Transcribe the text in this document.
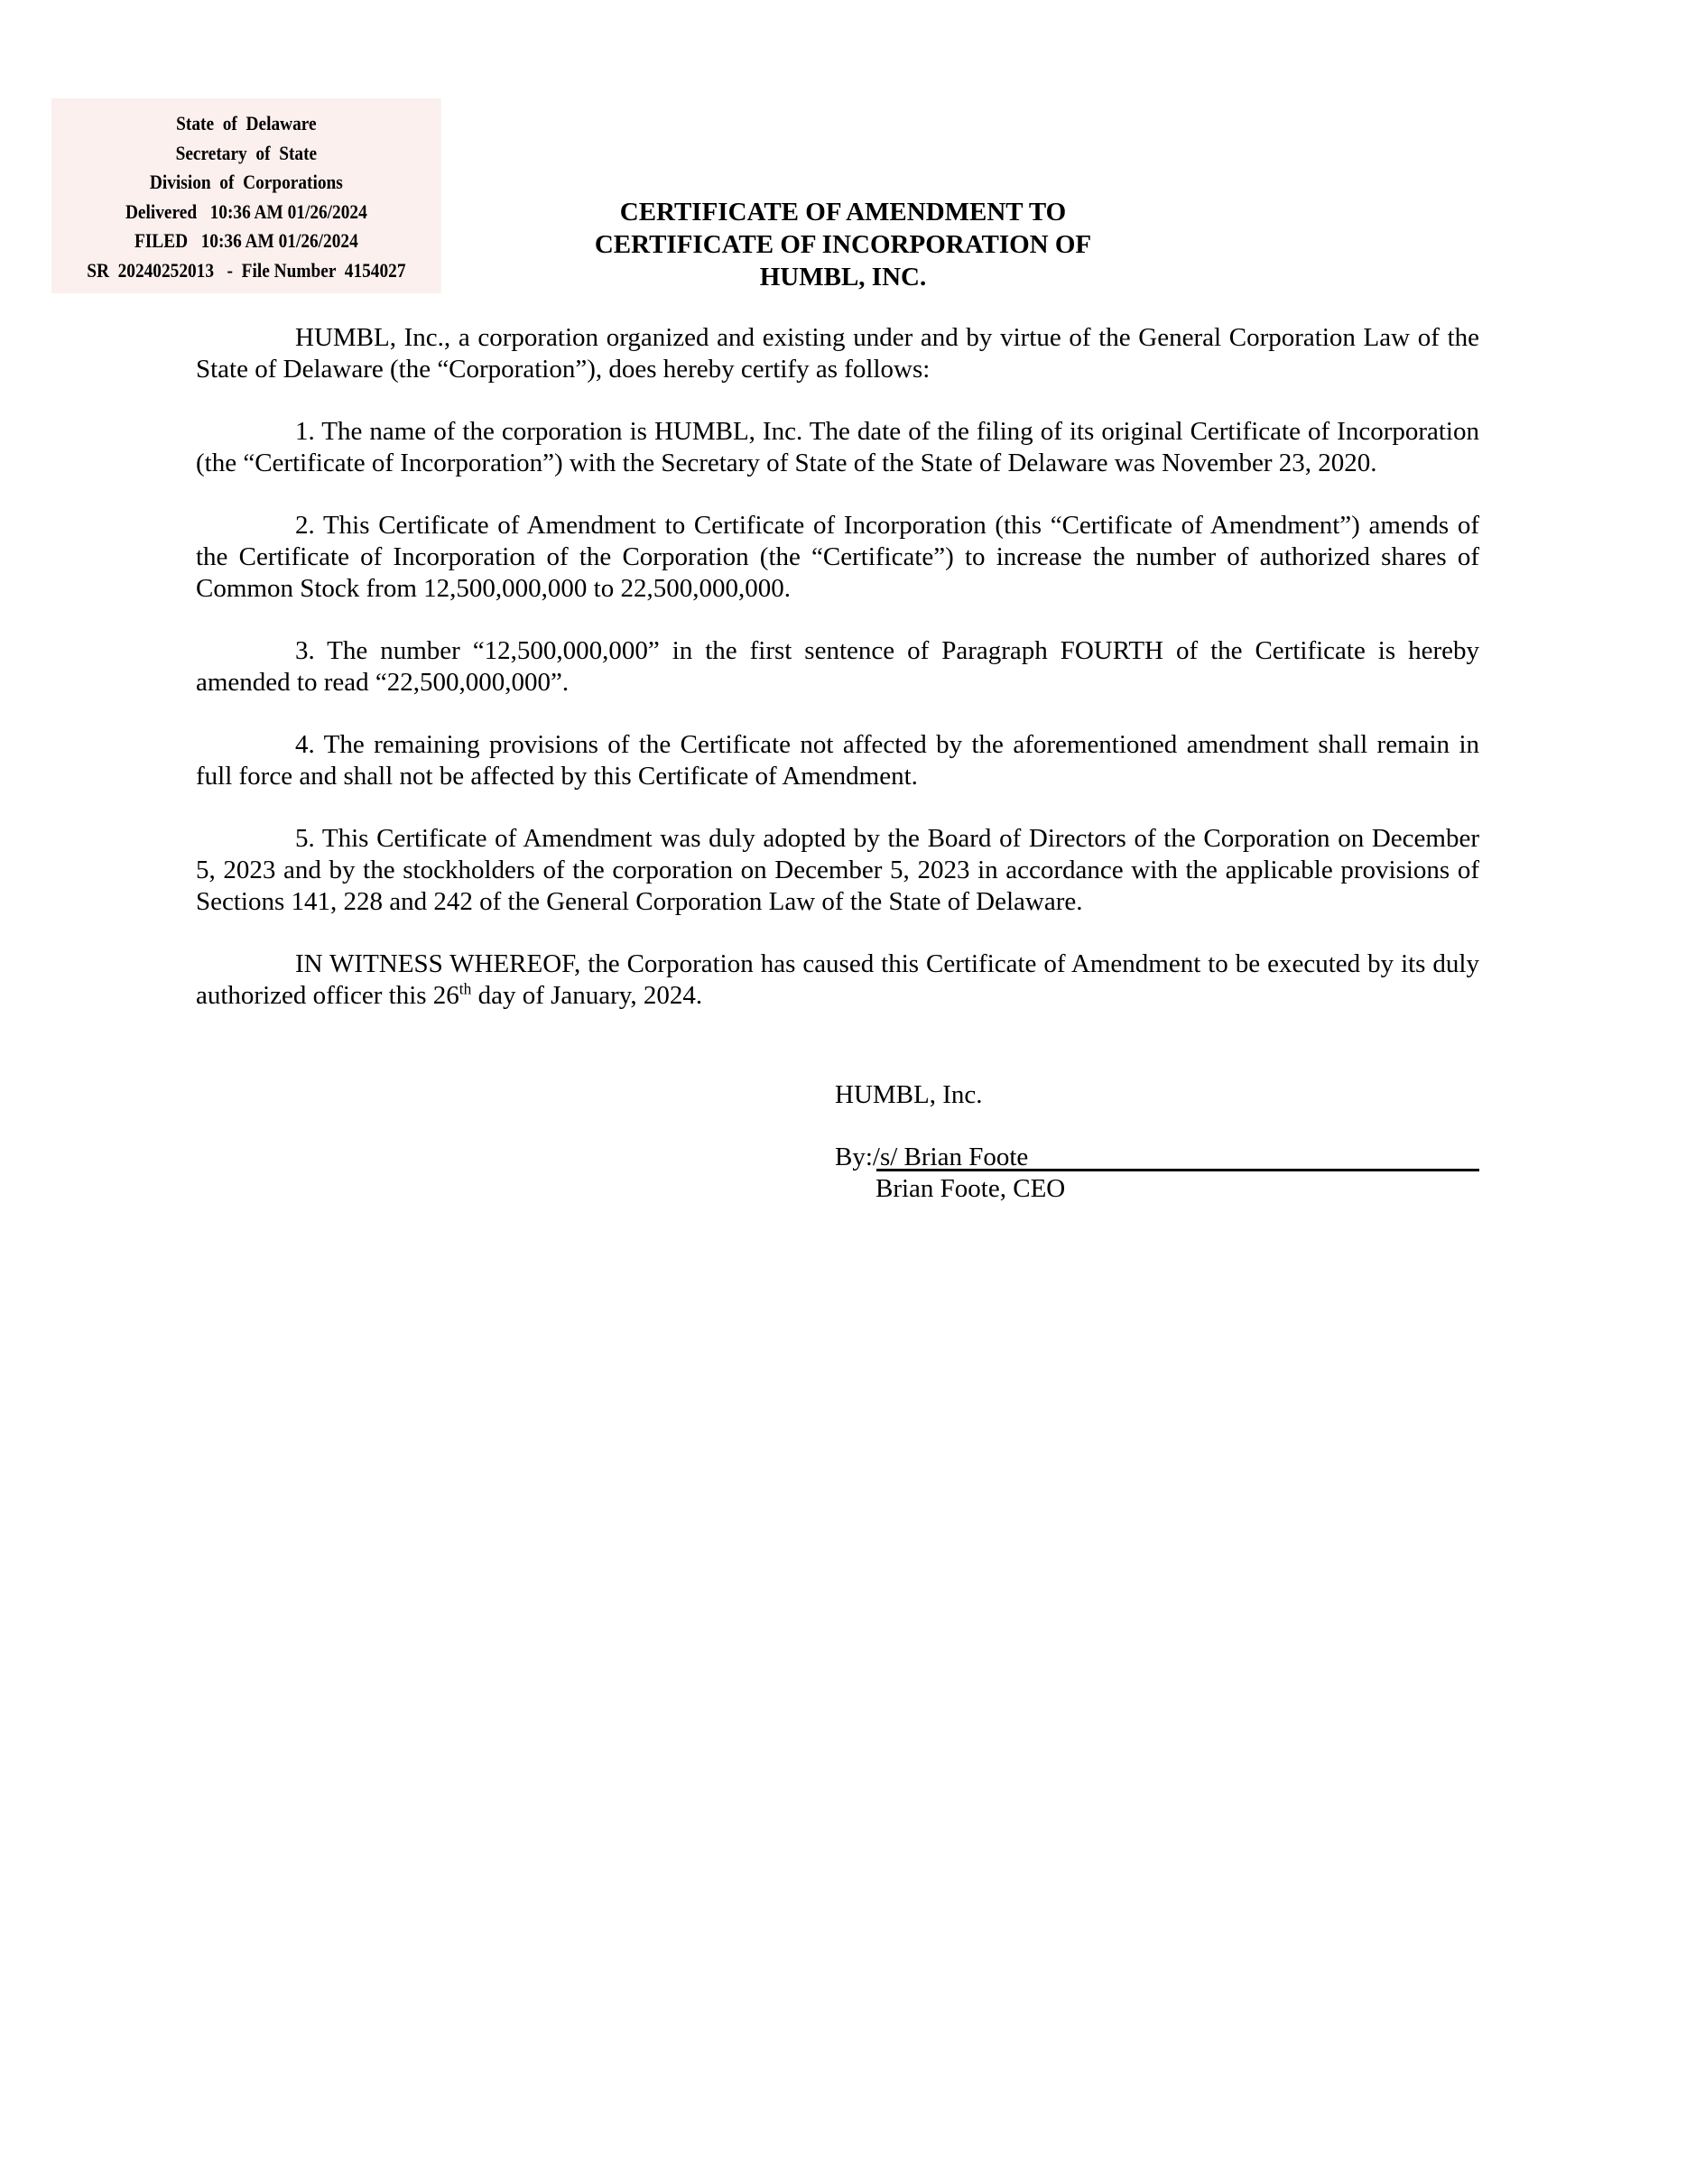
State  of  Delaware
Secretary  of  State
Division  of  Corporations
Delivered   10:36 AM 01/26/2024
FILED   10:36 AM 01/26/2024
SR  20240252013   -  File Number  4154027
CERTIFICATE OF AMENDMENT TO
CERTIFICATE OF INCORPORATION OF
HUMBL, INC.

HUMBL, Inc., a corporation organized and existing under and by virtue of the General Corporation Law of the State of Delaware (the “Corporation”), does hereby certify as follows:

1. The name of the corporation is HUMBL, Inc. The date of the filing of its original Certificate of Incorporation (the “Certificate of Incorporation”) with the Secretary of State of the State of Delaware was November 23, 2020.

2. This Certificate of Amendment to Certificate of Incorporation (this “Certificate of Amendment”) amends of the Certificate of Incorporation of the Corporation (the “Certificate”) to increase the number of authorized shares of Common Stock from 12,500,000,000 to 22,500,000,000.

3. The number “12,500,000,000” in the first sentence of Paragraph FOURTH of the Certificate is hereby amended to read “22,500,000,000”.

4. The remaining provisions of the Certificate not affected by the aforementioned amendment shall remain in full force and shall not be affected by this Certificate of Amendment.

5. This Certificate of Amendment was duly adopted by the Board of Directors of the Corporation on December 5, 2023 and by the stockholders of the corporation on December 5, 2023 in accordance with the applicable provisions of Sections 141, 228 and 242 of the General Corporation Law of the State of Delaware.

IN WITNESS WHEREOF, the Corporation has caused this Certificate of Amendment to be executed by its duly authorized officer this 26th day of January, 2024.

HUMBL, Inc.
By:/s/ Brian Foote
Brian Foote, CEO
